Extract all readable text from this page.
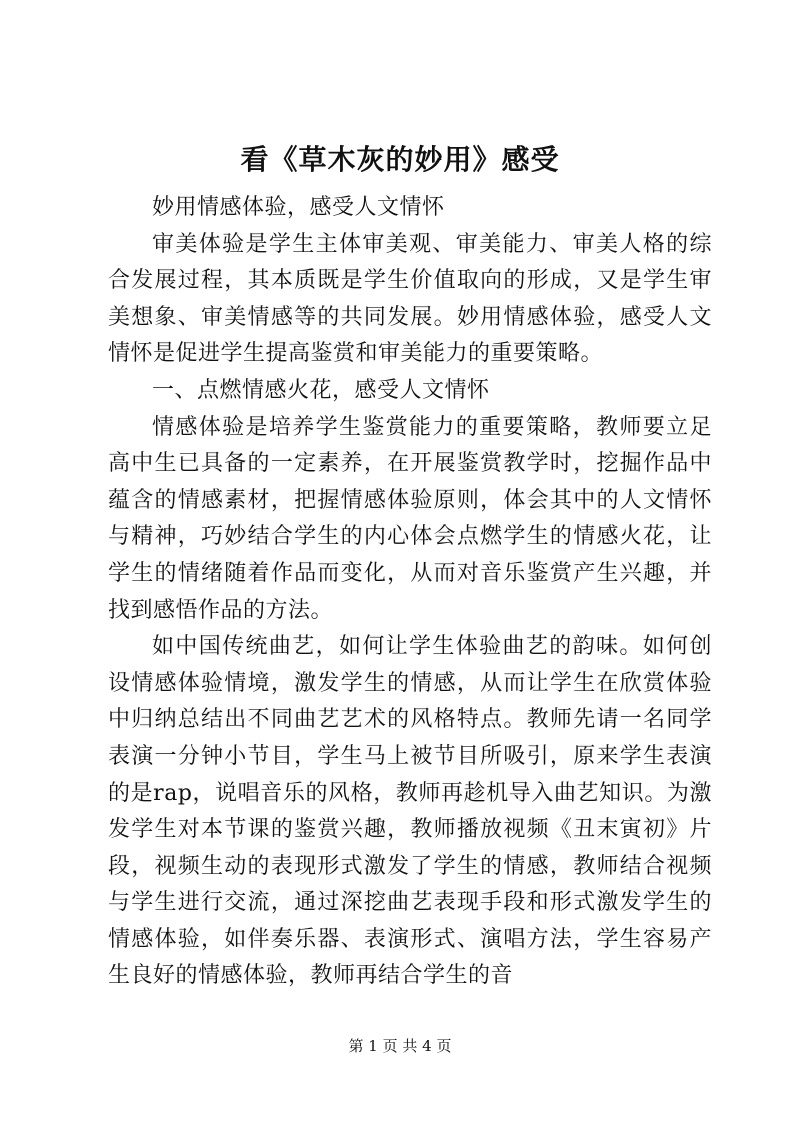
看《草木灰的妙用》感受

妙用情感体验，感受人文情怀

审美体验是学生主体审美观、审美能力、审美人格的综合发展过程，其本质既是学生价值取向的形成，又是学生审美想象、审美情感等的共同发展。妙用情感体验，感受人文情怀是促进学生提高鉴赏和审美能力的重要策略。

一、点燃情感火花，感受人文情怀

情感体验是培养学生鉴赏能力的重要策略，教师要立足高中生已具备的一定素养，在开展鉴赏教学时，挖掘作品中蕴含的情感素材，把握情感体验原则，体会其中的人文情怀与精神，巧妙结合学生的内心体会点燃学生的情感火花，让学生的情绪随着作品而变化，从而对音乐鉴赏产生兴趣，并找到感悟作品的方法。

如中国传统曲艺，如何让学生体验曲艺的韵味。如何创设情感体验情境，激发学生的情感，从而让学生在欣赏体验中归纳总结出不同曲艺艺术的风格特点。教师先请一名同学表演一分钟小节目，学生马上被节目所吸引，原来学生表演的是rap，说唱音乐的风格，教师再趁机导入曲艺知识。为激发学生对本节课的鉴赏兴趣，教师播放视频《丑末寅初》片段，视频生动的表现形式激发了学生的情感，教师结合视频与学生进行交流，通过深挖曲艺表现手段和形式激发学生的情感体验，如伴奏乐器、表演形式、演唱方法，学生容易产生良好的情感体验，教师再结合学生的音

第 1 页 共 4 页
